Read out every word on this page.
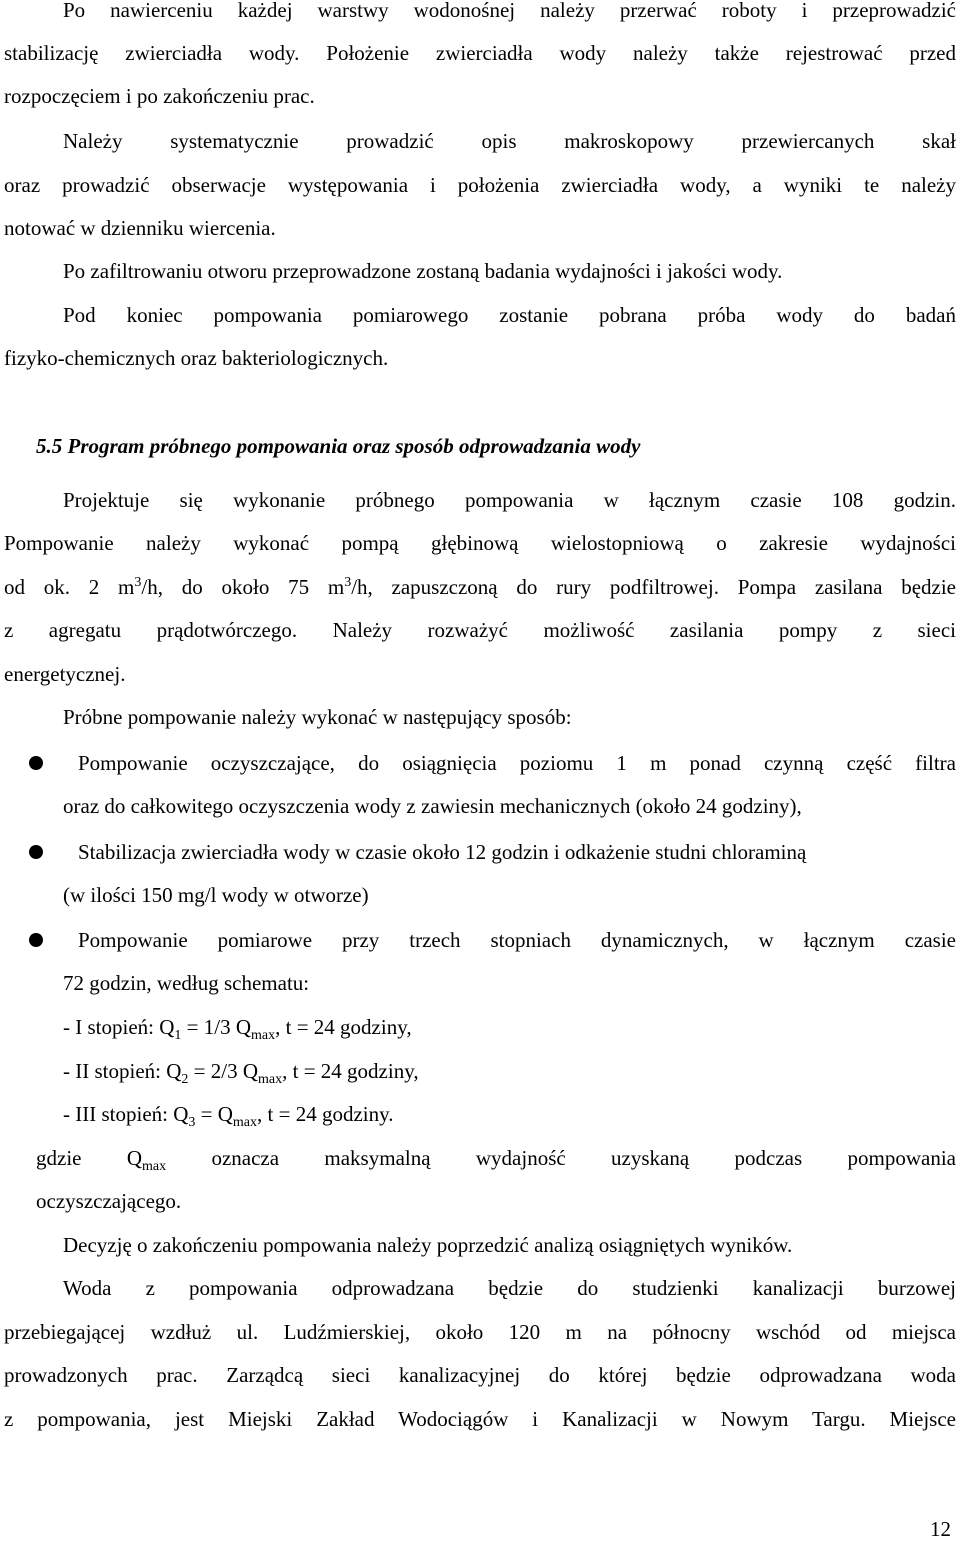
Po nawierceniu każdej warstwy wodonośnej należy przerwać roboty i przeprowadzić
stabilizację zwierciadła wody. Położenie zwierciadła wody należy także rejestrować przed
rozpoczęciem i po zakończeniu prac.
Należy systematycznie prowadzić opis makroskopowy przewiercanych skał
oraz prowadzić obserwacje występowania i położenia zwierciadła wody, a wyniki te należy
notować w dzienniku wiercenia.
Po zafiltrowaniu otworu przeprowadzone zostaną badania wydajności i jakości wody.
Pod koniec pompowania pomiarowego zostanie pobrana próba wody do badań
fizyko-chemicznych oraz bakteriologicznych.
5.5 Program próbnego pompowania oraz sposób odprowadzania wody
Projektuje się wykonanie próbnego pompowania w łącznym czasie 108 godzin.
Pompowanie należy wykonać pompą głębinową wielostopniową o zakresie wydajności
od ok. 2 $m^3/h$, do około 75 $m^3/h$, zapuszczoną do rury podfiltrowej. Pompa zasilana będzie
z agregatu prądotwórczego. Należy rozważyć możliwość zasilania pompy z sieci
energetycznej.
Próbne pompowanie należy wykonać w następujący sposób:
Pompowanie oczyszczające, do osiągnięcia poziomu 1 m ponad czynną część filtra
oraz do całkowitego oczyszczenia wody z zawiesin mechanicznych (około 24 godziny),
Stabilizacja zwierciadła wody w czasie około 12 godzin i odkażenie studni chloraminą
(w ilości 150 mg/l wody w otworze)
Pompowanie pomiarowe przy trzech stopniach dynamicznych, w łącznym czasie
72 godzin, według schematu:
- I stopień: $Q_1 = 1/3$ $Q_{max}$, t = 24 godziny,
- II stopień: $Q_2 = 2/3$ $Q_{max}$, t = 24 godziny,
- III stopień: $Q_3 = Q_{max}$, t = 24 godziny.
gdzie $Q_{max}$ oznacza maksymalną wydajność uzyskaną podczas pompowania
oczyszczającego.
Decyzję o zakończeniu pompowania należy poprzedzić analizą osiągniętych wyników.
Woda z pompowania odprowadzana będzie do studzienki kanalizacji burzowej
przebiegającej wzdłuż ul. Ludźmierskiej, około 120 m na północny wschód od miejsca
prowadzonych prac. Zarządcą sieci kanalizacyjnej do której będzie odprowadzana woda
z pompowania, jest Miejski Zakład Wodociągów i Kanalizacji w Nowym Targu. Miejsce
12
